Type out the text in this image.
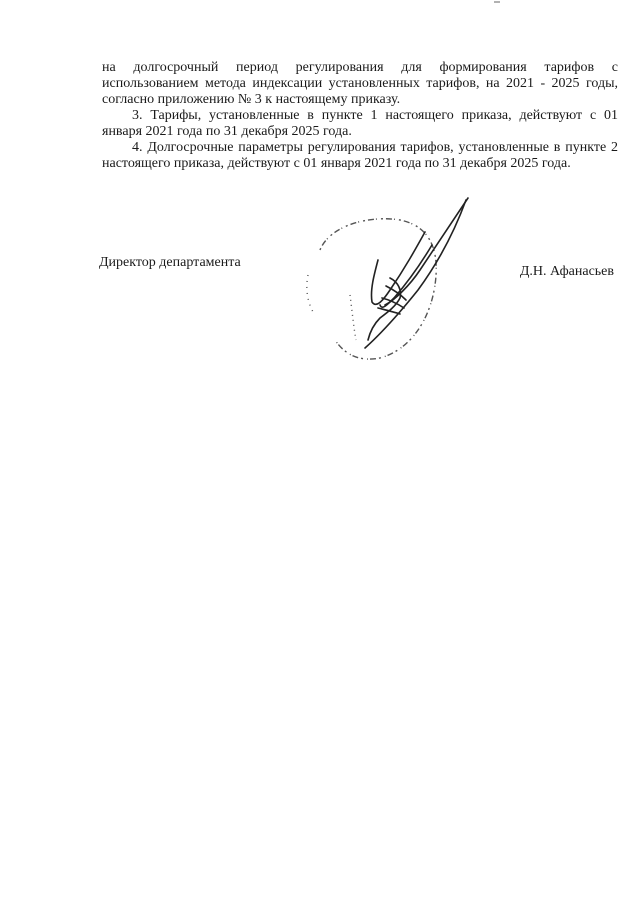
на долгосрочный период регулирования для формирования тарифов с использованием метода индексации установленных тарифов, на 2021 - 2025 годы, согласно приложению № 3 к настоящему приказу.

3. Тарифы, установленные в пункте 1 настоящего приказа, действуют с 01 января 2021 года по 31 декабря 2025 года.

4. Долгосрочные параметры регулирования тарифов, установленные в пункте 2 настоящего приказа, действуют с 01 января 2021 года по 31 декабря 2025 года.

Директор департамента
Д.Н. Афанасьев
